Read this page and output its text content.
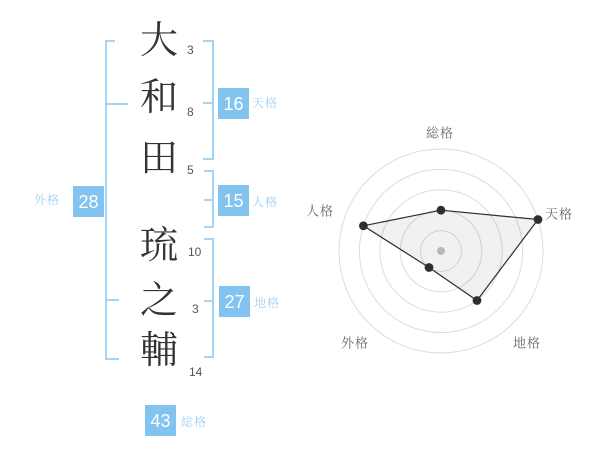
大
和
田
琉
之
輔
3
8
5
10
3
14
16 天格
15 人格
27 地格
外格	28
43 総格
総格
天格
地格
外格
人格
